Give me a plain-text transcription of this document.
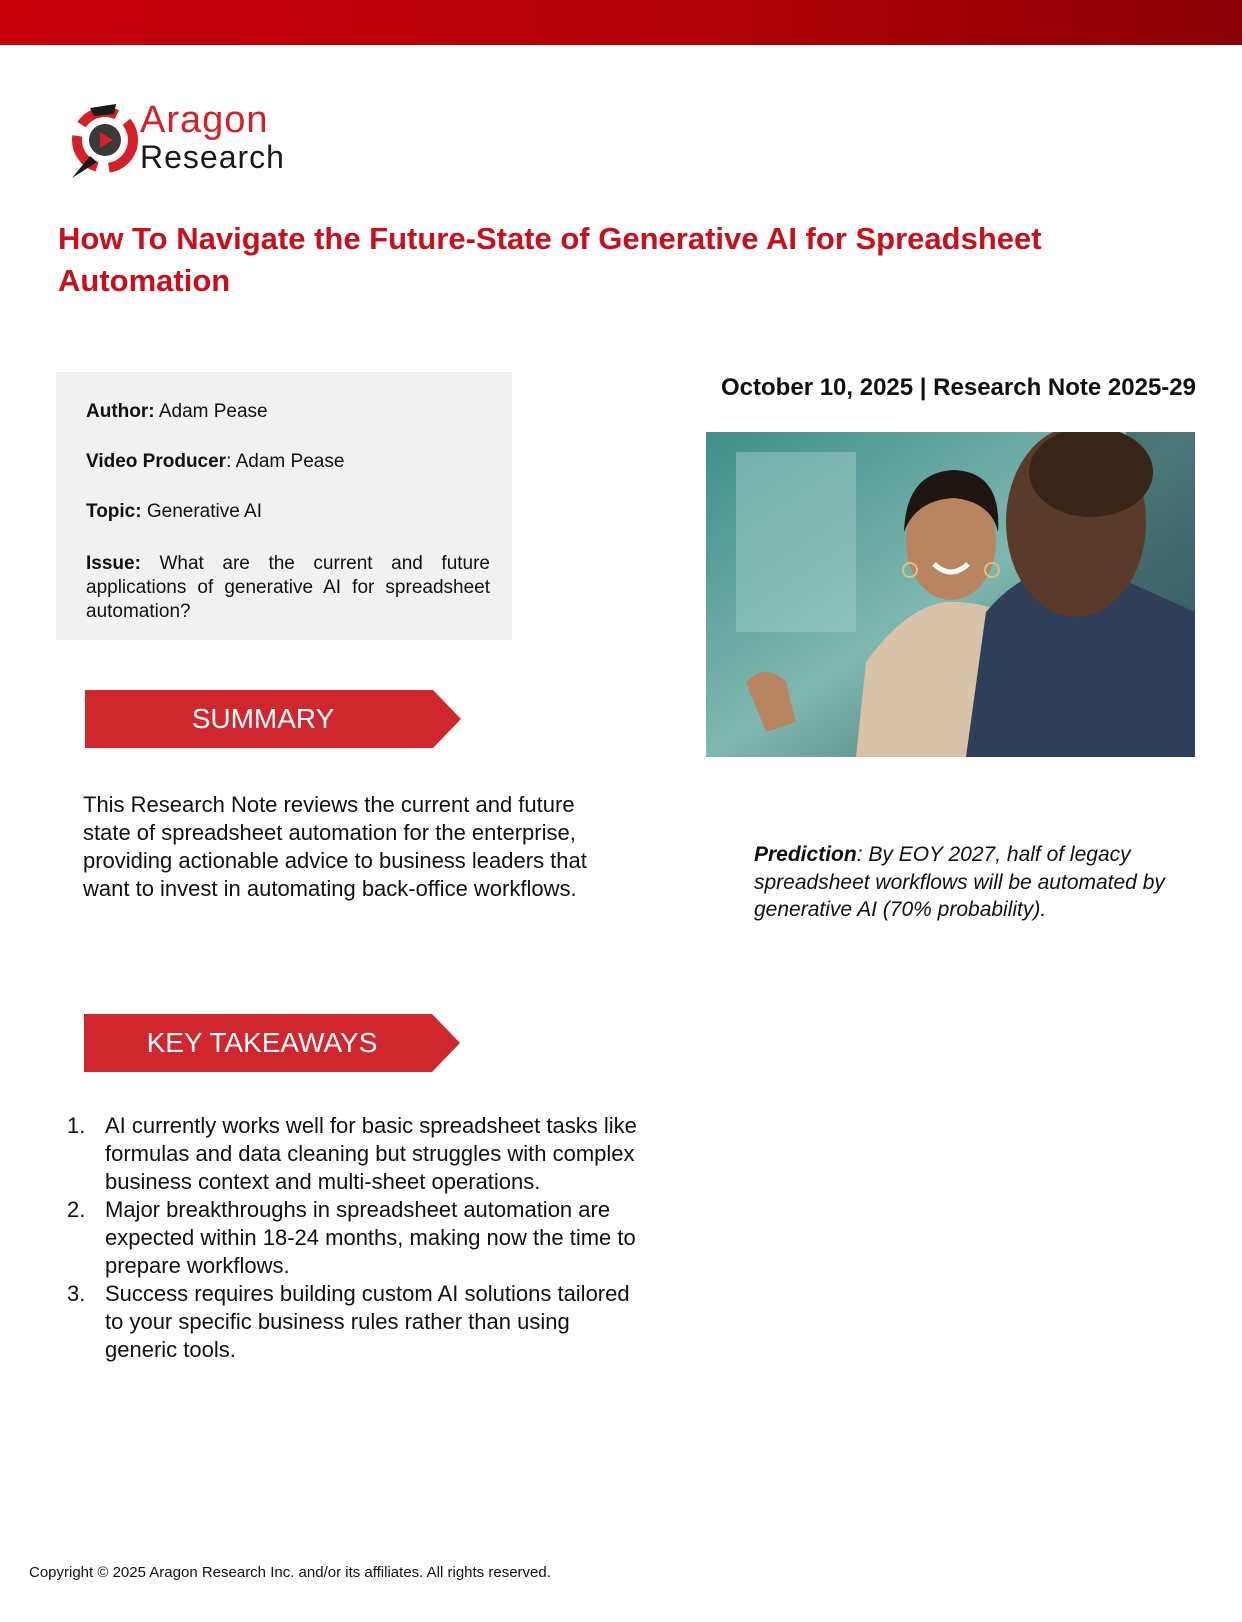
Aragon
Research
How To Navigate the Future-State of Generative AI for Spreadsheet Automation
Author: Adam Pease
Video Producer: Adam Pease
Topic: Generative AI
Issue: What are the current and future applications of generative AI for spreadsheet automation?
October 10, 2025 | Research Note 2025-29
SUMMARY
This Research Note reviews the current and future state of spreadsheet automation for the enterprise, providing actionable advice to business leaders that want to invest in automating back-office workflows.
Prediction: By EOY 2027, half of legacy spreadsheet workflows will be automated by generative AI (70% probability).
KEY TAKEAWAYS
1. AI currently works well for basic spreadsheet tasks like formulas and data cleaning but struggles with complex business context and multi-sheet operations.
2. Major breakthroughs in spreadsheet automation are expected within 18-24 months, making now the time to prepare workflows.
3. Success requires building custom AI solutions tailored to your specific business rules rather than using generic tools.
Copyright © 2025 Aragon Research Inc. and/or its affiliates. All rights reserved.
